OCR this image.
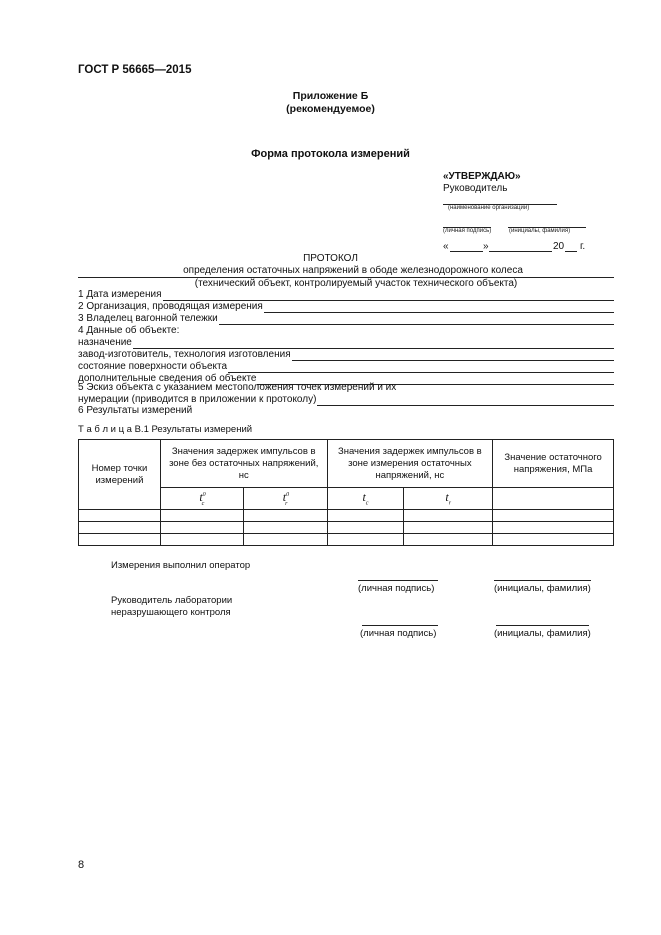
ГОСТ Р 56665—2015
Приложение Б
(рекомендуемое)
Форма протокола измерений
«УТВЕРЖДАЮ»
Руководитель
(наименование организации)
(личная подпись)	(инициалы, фамилия)
«	»	20 г.
ПРОТОКОЛ
определения остаточных напряжений в ободе железнодорожного колеса
(технический объект, контролируемый участок технического объекта)
1 Дата измерения
2 Организация, проводящая измерения
3 Владелец вагонной тележки
4 Данные об объекте:
назначение
завод-изготовитель, технология изготовления
состояние поверхности объекта
дополнительные сведения об объекте
5 Эскиз объекта с указанием местоположения точек измерений и их
нумерации (приводится в приложении к протоколу)
6 Результаты измерений
Т а б л и ц а В.1 Результаты измерений
Номер точки измерений	Значения задержек импульсов в зоне без остаточных напряжений, нс		Значения задержек импульсов в зоне измерения остаточных напряжений, нс		Значение остаточного напряжения, МПа

	$t^0_c$	$t^0_r$	$t_c$	$t_r$	

Измерения выполнил оператор
(личная подпись)	(инициалы, фамилия)
Руководитель лаборатории
неразрушающего контроля
(личная подпись)	(инициалы, фамилия)
8
